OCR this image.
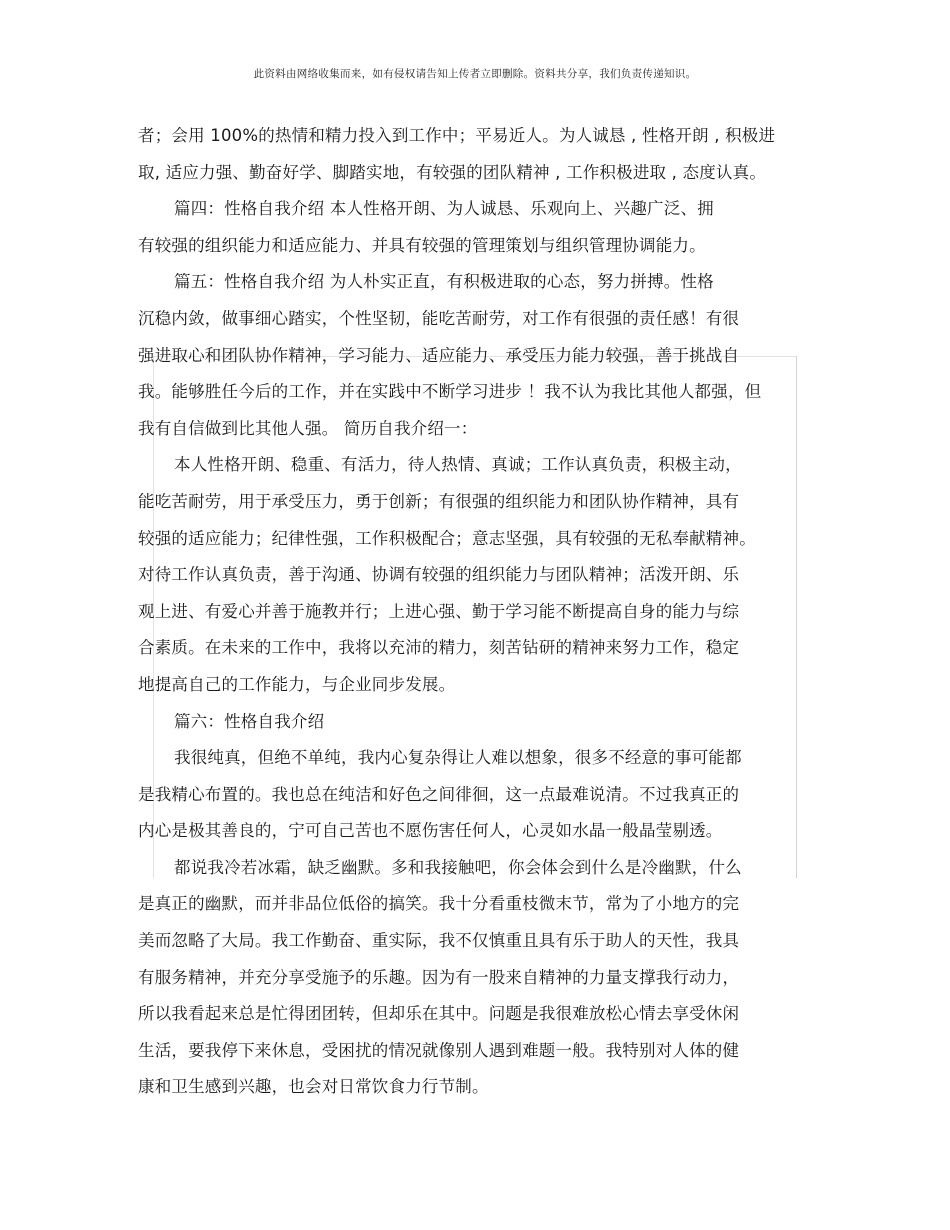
此资料由网络收集而来，如有侵权请告知上传者立即删除。资料共分享，我们负责传递知识。
者；会用 100%的热情和精力投入到工作中；平易近人。为人诚恳 , 性格开朗 , 积极进
取, 适应力强、勤奋好学、脚踏实地，有较强的团队精神 , 工作积极进取 , 态度认真。
篇四：性格自我介绍 本人性格开朗、为人诚恳、乐观向上、兴趣广泛、拥
有较强的组织能力和适应能力、并具有较强的管理策划与组织管理协调能力。
篇五：性格自我介绍 为人朴实正直，有积极进取的心态，努力拼搏。性格
沉稳内敛，做事细心踏实，个性坚韧，能吃苦耐劳，对工作有很强的责任感！有很
强进取心和团队协作精神，学习能力、适应能力、承受压力能力较强，善于挑战自
我。能够胜任今后的工作，并在实践中不断学习进步 ！我不认为我比其他人都强，但
我有自信做到比其他人强。 简历自我介绍一：
本人性格开朗、稳重、有活力，待人热情、真诚；工作认真负责，积极主动，
能吃苦耐劳，用于承受压力，勇于创新；有很强的组织能力和团队协作精神，具有
较强的适应能力；纪律性强，工作积极配合；意志坚强，具有较强的无私奉献精神。
对待工作认真负责，善于沟通、协调有较强的组织能力与团队精神；活泼开朗、乐
观上进、有爱心并善于施教并行；上进心强、勤于学习能不断提高自身的能力与综
合素质。在未来的工作中，我将以充沛的精力，刻苦钻研的精神来努力工作，稳定
地提高自己的工作能力，与企业同步发展。
篇六：性格自我介绍
我很纯真，但绝不单纯，我内心复杂得让人难以想象，很多不经意的事可能都
是我精心布置的。我也总在纯洁和好色之间徘徊，这一点最难说清。不过我真正的
内心是极其善良的，宁可自己苦也不愿伤害任何人，心灵如水晶一般晶莹剔透。
都说我冷若冰霜，缺乏幽默。多和我接触吧，你会体会到什么是冷幽默，什么
是真正的幽默，而并非品位低俗的搞笑。我十分看重枝微末节，常为了小地方的完
美而忽略了大局。我工作勤奋、重实际，我不仅慎重且具有乐于助人的天性，我具
有服务精神，并充分享受施予的乐趣。因为有一股来自精神的力量支撑我行动力，
所以我看起来总是忙得团团转，但却乐在其中。问题是我很难放松心情去享受休闲
生活，要我停下来休息，受困扰的情况就像别人遇到难题一般。我特别对人体的健
康和卫生感到兴趣，也会对日常饮食力行节制。
